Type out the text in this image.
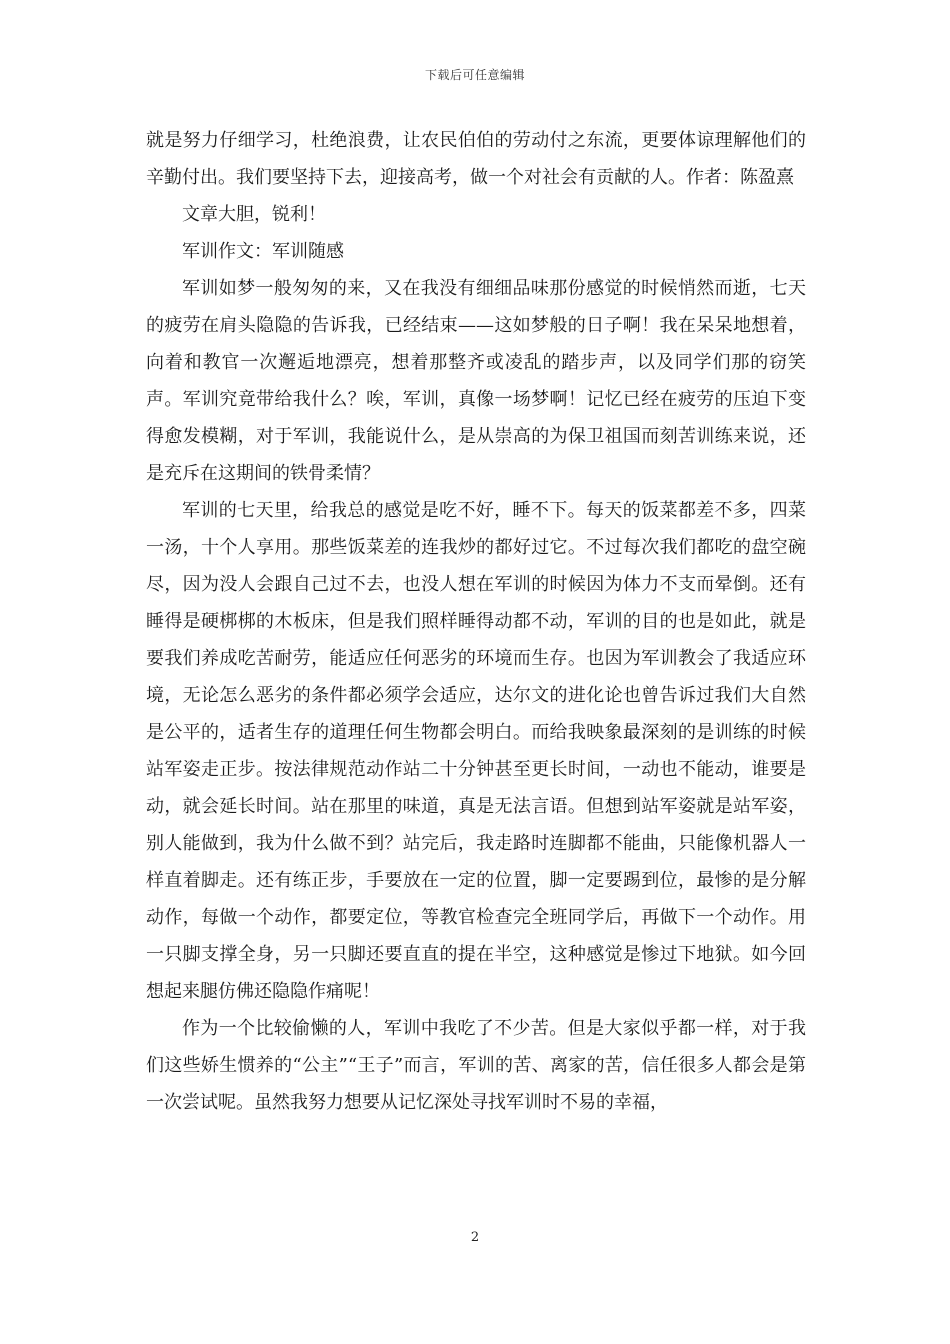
下载后可任意编辑

就是努力仔细学习，杜绝浪费，让农民伯伯的劳动付之东流，更要体谅理解他们的辛勤付出。我们要坚持下去，迎接高考，做一个对社会有贡献的人。作者：陈盈熹

文章大胆，锐利！

军训作文：军训随感

军训如梦一般匆匆的来，又在我没有细细品味那份感觉的时候悄然而逝，七天的疲劳在肩头隐隐的告诉我，已经结束——这如梦般的日子啊！我在呆呆地想着，向着和教官一次邂逅地漂亮，想着那整齐或凌乱的踏步声，以及同学们那的窃笑声。军训究竟带给我什么？唉，军训，真像一场梦啊！记忆已经在疲劳的压迫下变得愈发模糊，对于军训，我能说什么，是从崇高的为保卫祖国而刻苦训练来说，还是充斥在这期间的铁骨柔情？

军训的七天里，给我总的感觉是吃不好，睡不下。每天的饭菜都差不多，四菜一汤，十个人享用。那些饭菜差的连我炒的都好过它。不过每次我们都吃的盘空碗尽，因为没人会跟自己过不去，也没人想在军训的时候因为体力不支而晕倒。还有睡得是硬梆梆的木板床，但是我们照样睡得动都不动，军训的目的也是如此，就是要我们养成吃苦耐劳，能适应任何恶劣的环境而生存。也因为军训教会了我适应环境，无论怎么恶劣的条件都必须学会适应，达尔文的进化论也曾告诉过我们大自然是公平的，适者生存的道理任何生物都会明白。而给我映象最深刻的是训练的时候站军姿走正步。按法律规范动作站二十分钟甚至更长时间，一动也不能动，谁要是动，就会延长时间。站在那里的味道，真是无法言语。但想到站军姿就是站军姿，别人能做到，我为什么做不到？站完后，我走路时连脚都不能曲，只能像机器人一样直着脚走。还有练正步，手要放在一定的位置，脚一定要踢到位，最惨的是分解动作，每做一个动作，都要定位，等教官检查完全班同学后，再做下一个动作。用一只脚支撑全身，另一只脚还要直直的提在半空，这种感觉是惨过下地狱。如今回想起来腿仿佛还隐隐作痛呢！

作为一个比较偷懒的人，军训中我吃了不少苦。但是大家似乎都一样，对于我们这些娇生惯养的“公主”“王子”而言，军训的苦、离家的苦，信任很多人都会是第一次尝试呢。虽然我努力想要从记忆深处寻找军训时不易的幸福，

2
